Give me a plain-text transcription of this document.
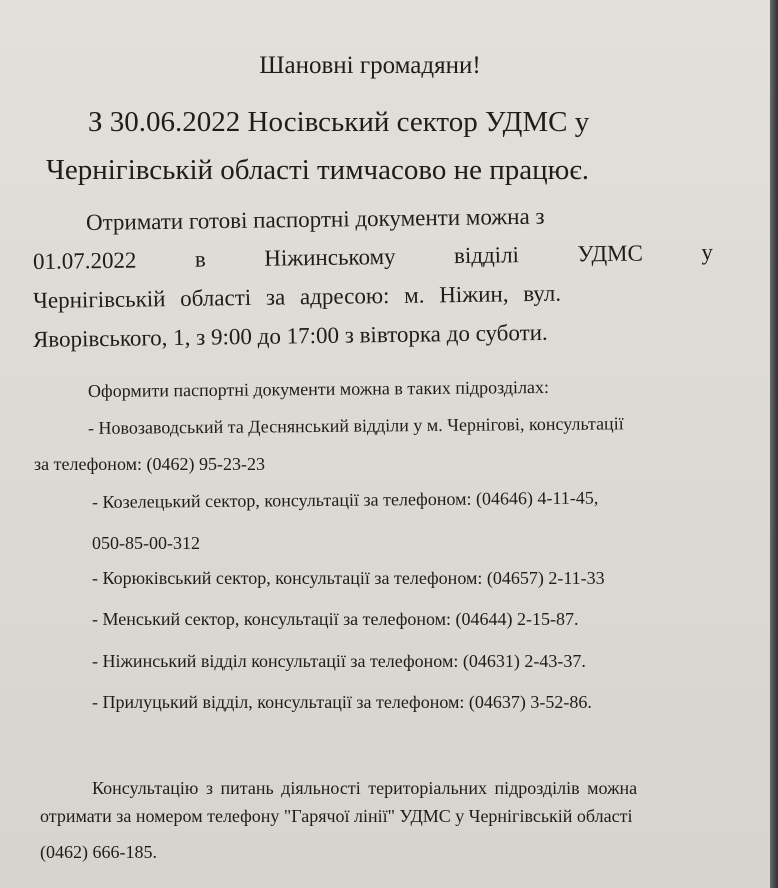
Шановні громадяни!
З 30.06.2022 Носівський сектор УДМС у
Чернігівській області тимчасово не працює.
Отримати готові паспортні документи можна з
01.07.2022	в	Ніжинському	відділі	УДМС	у
Чернігівській області за адресою: м. Ніжин, вул.
Яворівського, 1, з 9:00 до 17:00 з вівторка до суботи.
Оформити паспортні документи можна в таких підрозділах:
- Новозаводський та Деснянський відділи у м. Чернігові, консультації
за телефоном: (0462) 95-23-23
- Козелецький сектор, консультації за телефоном: (04646) 4-11-45,
050-85-00-312
- Корюківський сектор, консультації за телефоном: (04657) 2-11-33
- Менський сектор, консультації за телефоном: (04644) 2-15-87.
- Ніжинський відділ консультації за телефоном: (04631) 2-43-37.
- Прилуцький відділ, консультації за телефоном: (04637) 3-52-86.
Консультацію з питань діяльності територіальних підрозділів можна
отримати за номером телефону "Гарячої лінії" УДМС у Чернігівській області
(0462) 666-185.
